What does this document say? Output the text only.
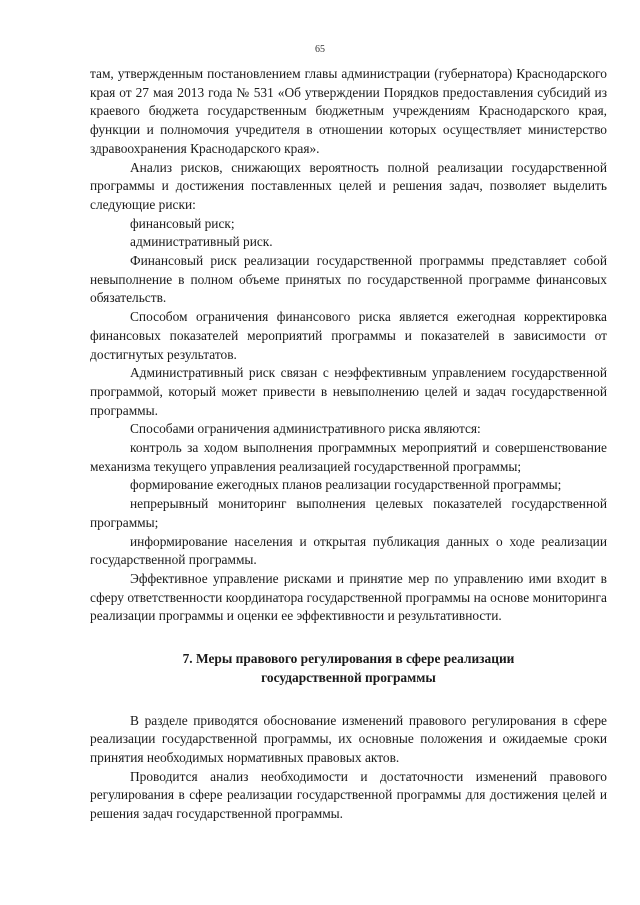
65

там, утвержденным постановлением главы администрации (губернатора) Краснодарского края от 27 мая 2013 года № 531 «Об утверждении Порядков предоставления субсидий из краевого бюджета государственным бюджетным учреждениям Краснодарского края, функции и полномочия учредителя в отношении которых осуществляет министерство здравоохранения Краснодарского края».

Анализ рисков, снижающих вероятность полной реализации государственной программы и достижения поставленных целей и решения задач, позволяет выделить следующие риски:

финансовый риск;

административный риск.

Финансовый риск реализации государственной программы представляет собой невыполнение в полном объеме принятых по государственной программе финансовых обязательств.

Способом ограничения финансового риска является ежегодная корректировка финансовых показателей мероприятий программы и показателей в зависимости от достигнутых результатов.

Административный риск связан с неэффективным управлением государственной программой, который может привести в невыполнению целей и задач государственной программы.

Способами ограничения административного риска являются:

контроль за ходом выполнения программных мероприятий и совершенствование механизма текущего управления реализацией государственной программы;

формирование ежегодных планов реализации государственной программы;

непрерывный мониторинг выполнения целевых показателей государственной программы;

информирование населения и открытая публикация данных о ходе реализации государственной программы.

Эффективное управление рисками и принятие мер по управлению ими входит в сферу ответственности координатора государственной программы на основе мониторинга реализации программы и оценки ее эффективности и результативности.

7. Меры правового регулирования в сфере реализации
государственной программы

В разделе приводятся обоснование изменений правового регулирования в сфере реализации государственной программы, их основные положения и ожидаемые сроки принятия необходимых нормативных правовых актов.

Проводится анализ необходимости и достаточности изменений правового регулирования в сфере реализации государственной программы для достижения целей и решения задач государственной программы.
